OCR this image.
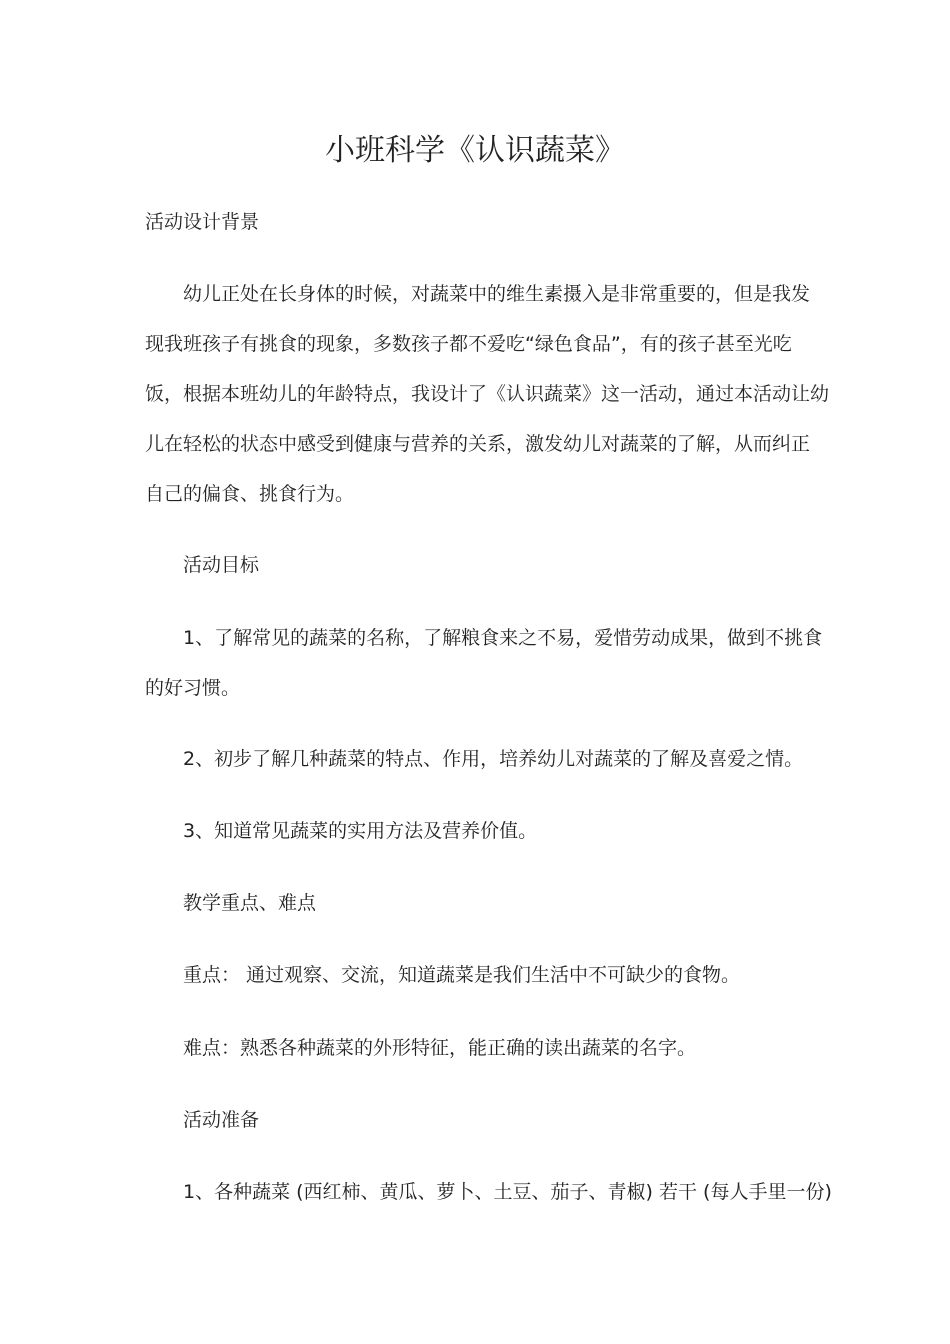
小班科学《认识蔬菜》

活动设计背景

幼儿正处在长身体的时候，对蔬菜中的维生素摄入是非常重要的，但是我发

现我班孩子有挑食的现象，多数孩子都不爱吃“绿色食品”，有的孩子甚至光吃

饭，根据本班幼儿的年龄特点，我设计了《认识蔬菜》这一活动，通过本活动让幼

儿在轻松的状态中感受到健康与营养的关系，激发幼儿对蔬菜的了解，从而纠正

自己的偏食、挑食行为。

活动目标

1、了解常见的蔬菜的名称，了解粮食来之不易，爱惜劳动成果，做到不挑食

的好习惯。

2、初步了解几种蔬菜的特点、作用，培养幼儿对蔬菜的了解及喜爱之情。

3、知道常见蔬菜的实用方法及营养价值。

教学重点、难点

重点： 通过观察、交流，知道蔬菜是我们生活中不可缺少的食物。

难点：熟悉各种蔬菜的外形特征，能正确的读出蔬菜的名字。

活动准备

1、各种蔬菜 (西红柿、黄瓜、萝卜、土豆、茄子、青椒) 若干 (每人手里一份)
